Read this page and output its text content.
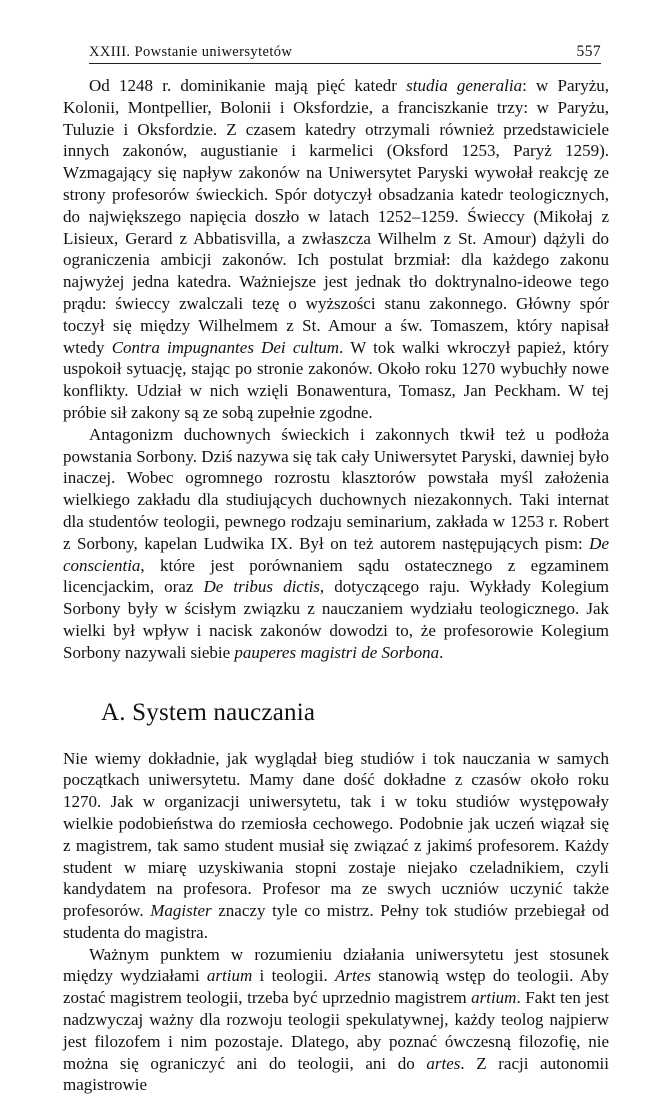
XXIII. Powstanie uniwersytetów	557

Od 1248 r. dominikanie mają pięć katedr studia generalia: w Paryżu, Kolonii, Montpellier, Bolonii i Oksfordzie, a franciszkanie trzy: w Paryżu, Tuluzie i Oksfordzie. Z czasem katedry otrzymali również przedstawiciele innych zakonów, augustianie i karmelici (Oksford 1253, Paryż 1259). Wzmagający się napływ zakonów na Uniwersytet Paryski wywołał reakcję ze strony profesorów świeckich. Spór dotyczył obsadzania katedr teologicznych, do największego napięcia doszło w latach 1252–1259. Świeccy (Mikołaj z Lisieux, Gerard z Abbatisvilla, a zwłaszcza Wilhelm z St. Amour) dążyli do ograniczenia ambicji zakonów. Ich postulat brzmiał: dla każdego zakonu najwyżej jedna katedra. Ważniejsze jest jednak tło doktrynalno-ideowe tego prądu: świeccy zwalczali tezę o wyższości stanu zakonnego. Główny spór toczył się między Wilhelmem z St. Amour a św. Tomaszem, który napisał wtedy Contra impugnantes Dei cultum. W tok walki wkroczył papież, który uspokoił sytuację, stając po stronie zakonów. Około roku 1270 wybuchły nowe konflikty. Udział w nich wzięli Bonawentura, Tomasz, Jan Peckham. W tej próbie sił zakony są ze sobą zupełnie zgodne.

Antagonizm duchownych świeckich i zakonnych tkwił też u podłoża powstania Sorbony. Dziś nazywa się tak cały Uniwersytet Paryski, dawniej było inaczej. Wobec ogromnego rozrostu klasztorów powstała myśl założenia wielkiego zakładu dla studiujących duchownych niezakonnych. Taki internat dla studentów teologii, pewnego rodzaju seminarium, zakłada w 1253 r. Robert z Sorbony, kapelan Ludwika IX. Był on też autorem następujących pism: De conscientia, które jest porównaniem sądu ostatecznego z egzaminem licencjackim, oraz De tribus dictis, dotyczącego raju. Wykłady Kolegium Sorbony były w ścisłym związku z nauczaniem wydziału teologicznego. Jak wielki był wpływ i nacisk zakonów dowodzi to, że profesorowie Kolegium Sorbony nazywali siebie pauperes magistri de Sorbona.

A. System nauczania

Nie wiemy dokładnie, jak wyglądał bieg studiów i tok nauczania w samych początkach uniwersytetu. Mamy dane dość dokładne z czasów około roku 1270. Jak w organizacji uniwersytetu, tak i w toku studiów występowały wielkie podobieństwa do rzemiosła cechowego. Podobnie jak uczeń wiązał się z magistrem, tak samo student musiał się związać z jakimś profesorem. Każdy student w miarę uzyskiwania stopni zostaje niejako czeladnikiem, czyli kandydatem na profesora. Profesor ma ze swych uczniów uczynić także profesorów. Magister znaczy tyle co mistrz. Pełny tok studiów przebiegał od studenta do magistra.

Ważnym punktem w rozumieniu działania uniwersytetu jest stosunek między wydziałami artium i teologii. Artes stanowią wstęp do teologii. Aby zostać magistrem teologii, trzeba być uprzednio magistrem artium. Fakt ten jest nadzwyczaj ważny dla rozwoju teologii spekulatywnej, każdy teolog najpierw jest filozofem i nim pozostaje. Dlatego, aby poznać ówczesną filozofię, nie można się ograniczyć ani do teologii, ani do artes. Z racji autonomii magistrowie
